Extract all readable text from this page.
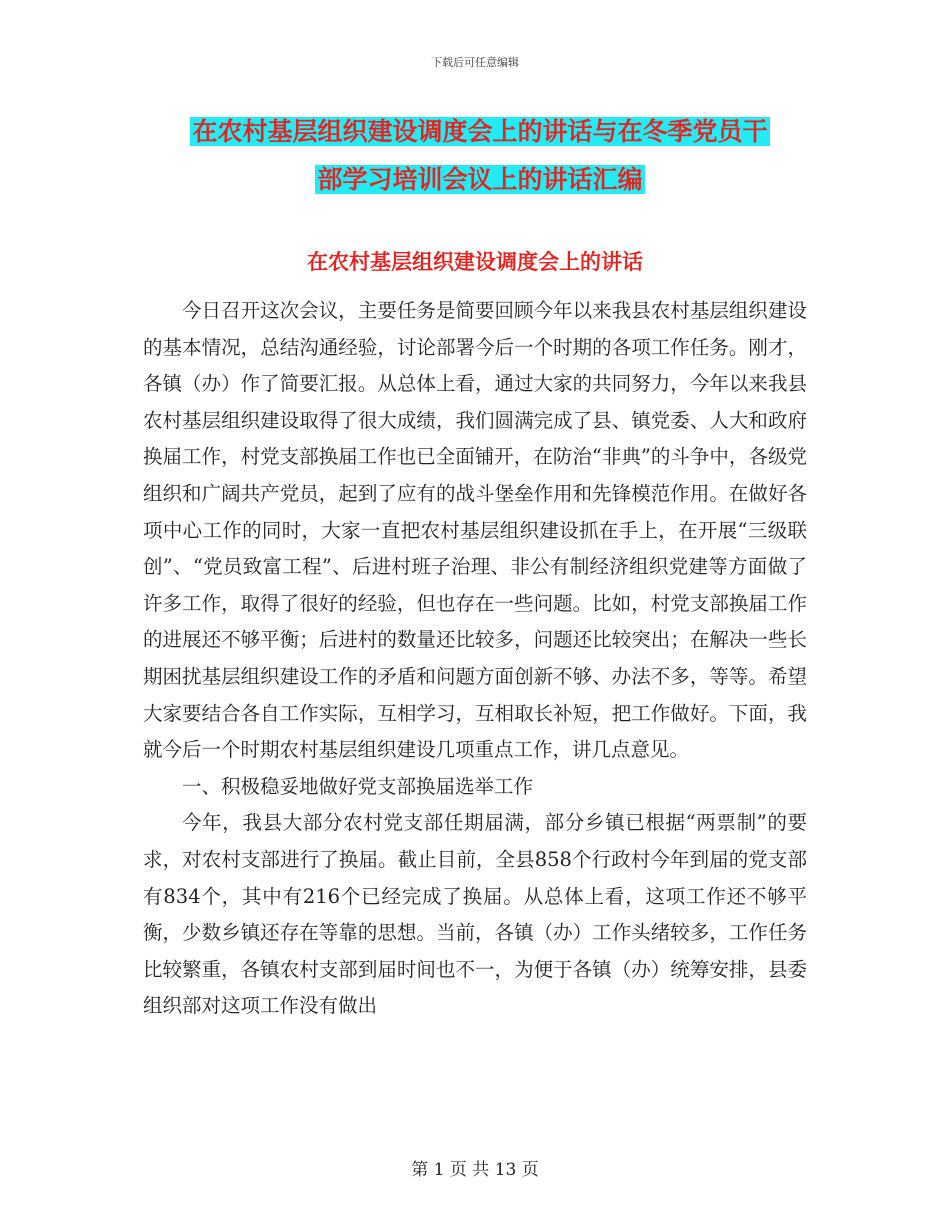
下载后可任意编辑
在农村基层组织建设调度会上的讲话与在冬季党员干
部学习培训会议上的讲话汇编
在农村基层组织建设调度会上的讲话

今日召开这次会议，主要任务是简要回顾今年以来我县农村基层组织建设的基本情况，总结沟通经验，讨论部署今后一个时期的各项工作任务。刚才，各镇（办）作了简要汇报。从总体上看，通过大家的共同努力，今年以来我县农村基层组织建设取得了很大成绩，我们圆满完成了县、镇党委、人大和政府换届工作，村党支部换届工作也已全面铺开，在防治“非典”的斗争中，各级党组织和广阔共产党员，起到了应有的战斗堡垒作用和先锋模范作用。在做好各项中心工作的同时，大家一直把农村基层组织建设抓在手上，在开展“三级联创”、“党员致富工程”、后进村班子治理、非公有制经济组织党建等方面做了许多工作，取得了很好的经验，但也存在一些问题。比如，村党支部换届工作的进展还不够平衡；后进村的数量还比较多，问题还比较突出；在解决一些长期困扰基层组织建设工作的矛盾和问题方面创新不够、办法不多，等等。希望大家要结合各自工作实际，互相学习，互相取长补短，把工作做好。下面，我就今后一个时期农村基层组织建设几项重点工作，讲几点意见。

一、积极稳妥地做好党支部换届选举工作

今年，我县大部分农村党支部任期届满，部分乡镇已根据“两票制”的要求，对农村支部进行了换届。截止目前，全县858个行政村今年到届的党支部有834个，其中有216个已经完成了换届。从总体上看，这项工作还不够平衡，少数乡镇还存在等靠的思想。当前，各镇（办）工作头绪较多，工作任务比较繁重，各镇农村支部到届时间也不一，为便于各镇（办）统筹安排，县委组织部对这项工作没有做出

第 1 页 共 13 页
